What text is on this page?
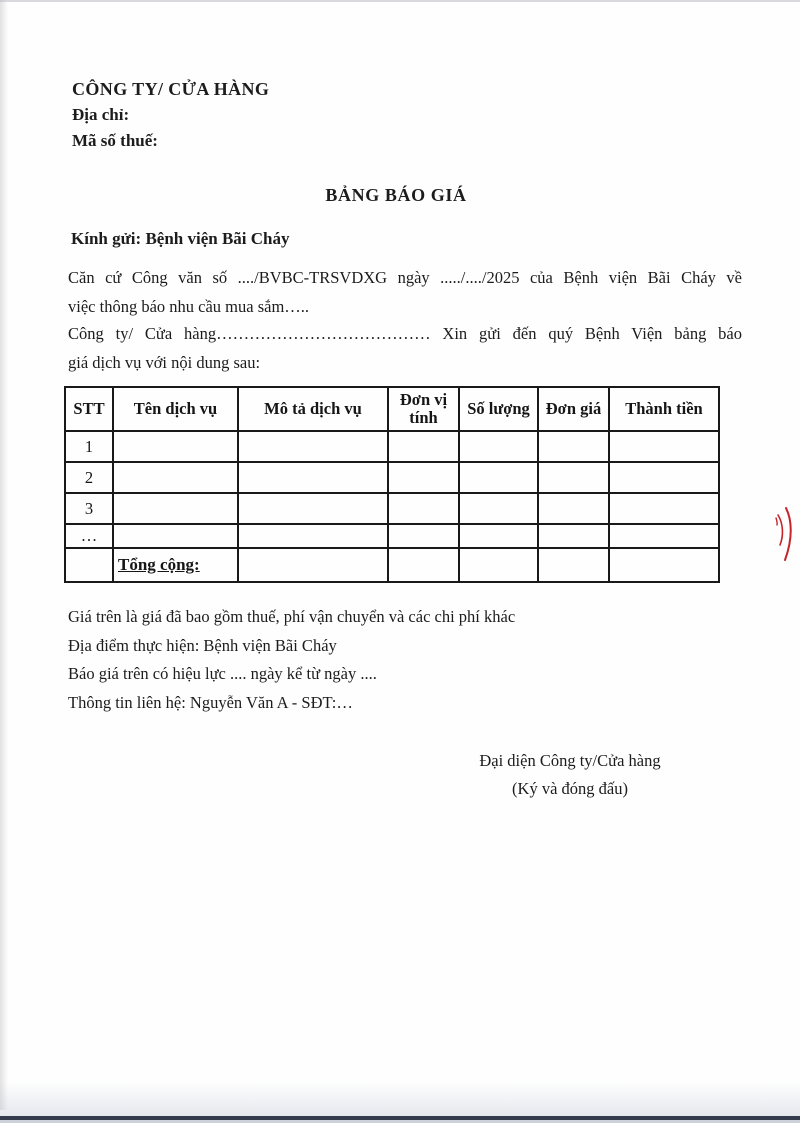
CÔNG TY/ CỬA HÀNG
Địa chỉ:
Mã số thuế:
BẢNG BÁO GIÁ
Kính gửi: Bệnh viện Bãi Cháy
Căn cứ Công văn số ..../BVBC-TRSVDXG ngày ...../..../2025 của Bệnh viện Bãi Cháy về
việc thông báo nhu cầu mua sắm…..
Công ty/ Cửa hàng………………………………… Xin gửi đến quý Bệnh Viện bảng báo
giá dịch vụ với nội dung sau:
STT	Tên dịch vụ	Mô tả dịch vụ	Đơn vị tính	Số lượng	Đơn giá	Thành tiền
1						
2						
3						
…						
	Tổng cộng:					
Giá trên là giá đã bao gồm thuế, phí vận chuyển và các chi phí khác
Địa điểm thực hiện: Bệnh viện Bãi Cháy
Báo giá trên có hiệu lực .... ngày kể từ ngày ....
Thông tin liên hệ: Nguyễn Văn A - SĐT:…
Đại diện Công ty/Cửa hàng
(Ký và đóng đấu)
